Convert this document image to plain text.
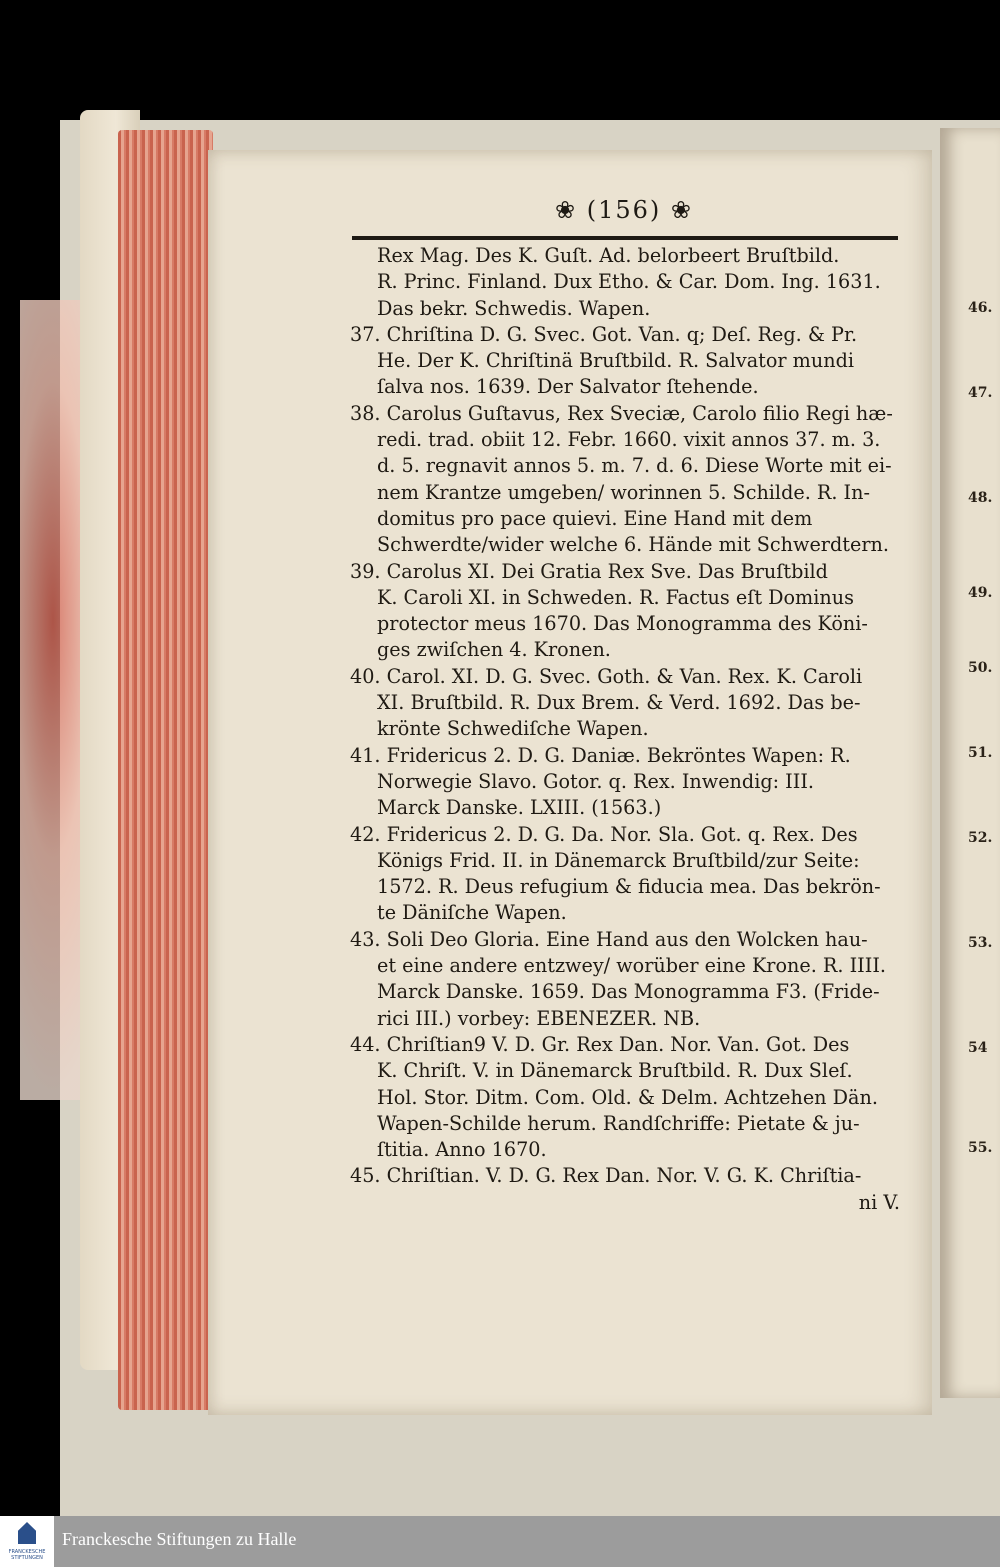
❀ (156) ❀
Rex Mag. Des K. Guſt. Ad. belorbeert Bruſtbild.
R. Princ. Finland. Dux Etho. & Car. Dom. Ing. 1631.
Das bekr. Schwedis. Wapen.
37. Chriſtina D. G. Svec. Got. Van. q; Deſ. Reg. & Pr.
He. Der K. Chriſtinä Bruſtbild. R. Salvator mundi
ſalva nos. 1639. Der Salvator ſtehende.
38. Carolus Guſtavus, Rex Sveciæ, Carolo filio Regi hæ-
redi. trad. obiit 12. Febr. 1660. vixit annos 37. m. 3.
d. 5. regnavit annos 5. m. 7. d. 6. Diese Worte mit ei-
nem Krantze umgeben/ worinnen 5. Schilde. R. In-
domitus pro pace quievi. Eine Hand mit dem
Schwerdte/wider welche 6. Hände mit Schwerdtern.
39. Carolus XI. Dei Gratia Rex Sve. Das Bruſtbild
K. Caroli XI. in Schweden. R. Factus eſt Dominus
protector meus 1670. Das Monogramma des Köni-
ges zwiſchen 4. Kronen.
40. Carol. XI. D. G. Svec. Goth. & Van. Rex. K. Caroli
XI. Bruſtbild. R. Dux Brem. & Verd. 1692. Das be-
krönte Schwediſche Wapen.
41. Fridericus 2. D. G. Daniæ. Bekröntes Wapen: R.
Norwegie Slavo. Gotor. q. Rex. Inwendig: III.
Marck Danske. LXIII. (1563.)
42. Fridericus 2. D. G. Da. Nor. Sla. Got. q. Rex. Des
Königs Frid. II. in Dänemarck Bruſtbild/zur Seite:
1572. R. Deus refugium & fiducia mea. Das bekrön-
te Däniſche Wapen.
43. Soli Deo Gloria. Eine Hand aus den Wolcken hau-
et eine andere entzwey/ worüber eine Krone. R. IIII.
Marck Danske. 1659. Das Monogramma F3. (Fride-
rici III.) vorbey: EBENEZER. NB.
44. Chriſtian9 V. D. Gr. Rex Dan. Nor. Van. Got. Des
K. Chriſt. V. in Dänemarck Bruſtbild. R. Dux Sleſ.
Hol. Stor. Ditm. Com. Old. & Delm. Achtzehen Dän.
Wapen-Schilde herum. Randſchriffe: Pietate & ju-
ſtitia. Anno 1670.
45. Chriſtian. V. D. G. Rex Dan. Nor. V. G. K. Chriſtia-
ni V.
46.
47.
48.
49.
50.
51.
52.
53.
54
55.
FRANCKESCHE STIFTUNGEN
Franckesche Stiftungen zu Halle
